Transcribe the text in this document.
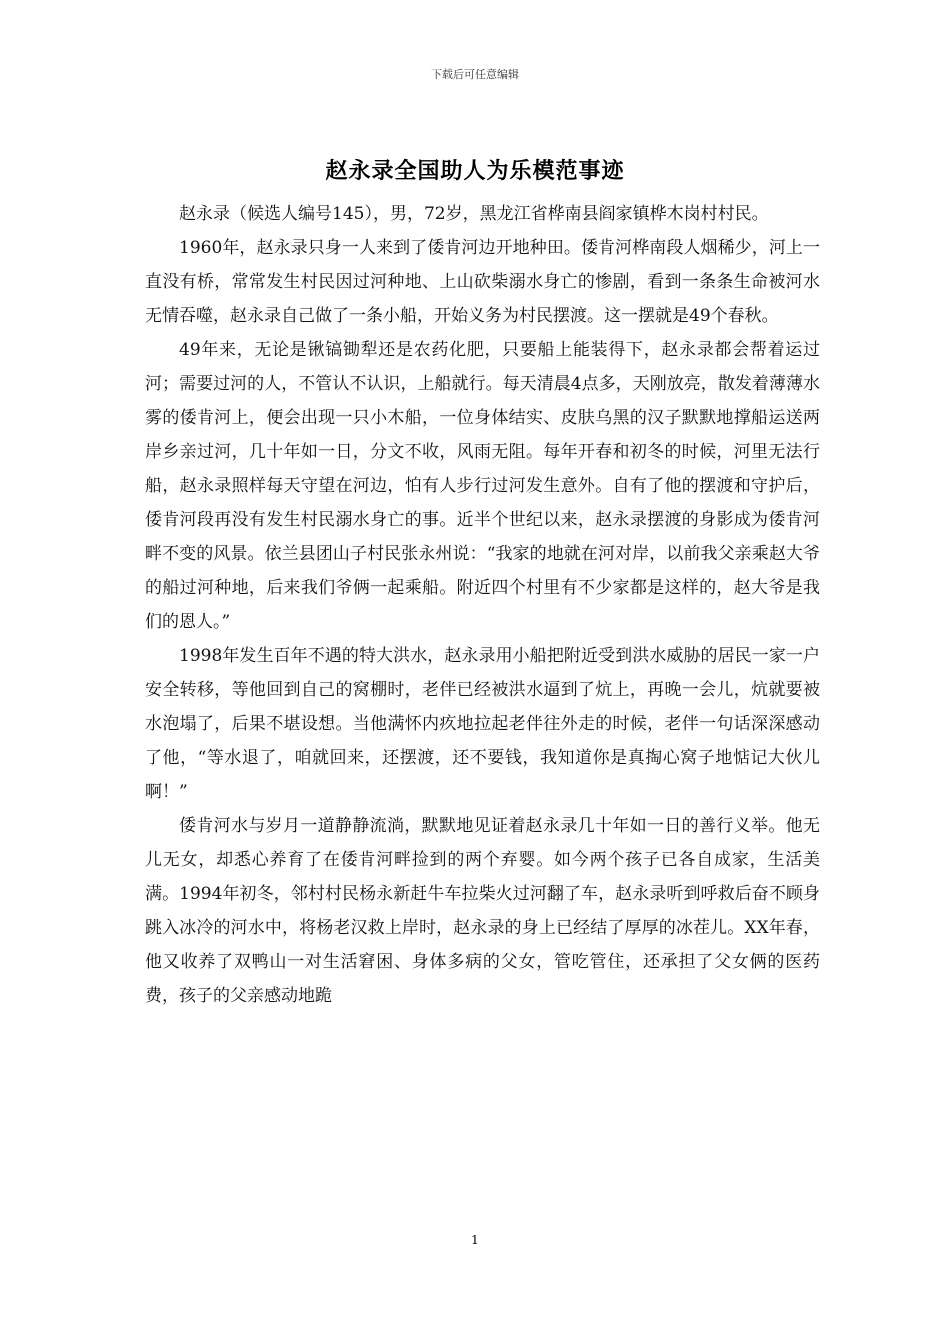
下载后可任意编辑
赵永录全国助人为乐模范事迹

赵永录（候选人编号145），男，72岁，黑龙江省桦南县阎家镇桦木岗村村民。

1960年，赵永录只身一人来到了倭肯河边开地种田。倭肯河桦南段人烟稀少，河上一直没有桥，常常发生村民因过河种地、上山砍柴溺水身亡的惨剧，看到一条条生命被河水无情吞噬，赵永录自己做了一条小船，开始义务为村民摆渡。这一摆就是49个春秋。

49年来，无论是锹镐锄犁还是农药化肥，只要船上能装得下，赵永录都会帮着运过河；需要过河的人，不管认不认识，上船就行。每天清晨4点多，天刚放亮，散发着薄薄水雾的倭肯河上，便会出现一只小木船，一位身体结实、皮肤乌黑的汉子默默地撑船运送两岸乡亲过河，几十年如一日，分文不收，风雨无阻。每年开春和初冬的时候，河里无法行船，赵永录照样每天守望在河边，怕有人步行过河发生意外。自有了他的摆渡和守护后，倭肯河段再没有发生村民溺水身亡的事。近半个世纪以来，赵永录摆渡的身影成为倭肯河畔不变的风景。依兰县团山子村民张永州说：“我家的地就在河对岸，以前我父亲乘赵大爷的船过河种地，后来我们爷俩一起乘船。附近四个村里有不少家都是这样的，赵大爷是我们的恩人。”

1998年发生百年不遇的特大洪水，赵永录用小船把附近受到洪水威胁的居民一家一户安全转移，等他回到自己的窝棚时，老伴已经被洪水逼到了炕上，再晚一会儿，炕就要被水泡塌了，后果不堪设想。当他满怀内疚地拉起老伴往外走的时候，老伴一句话深深感动了他，“等水退了，咱就回来，还摆渡，还不要钱，我知道你是真掏心窝子地惦记大伙儿啊！”

倭肯河水与岁月一道静静流淌，默默地见证着赵永录几十年如一日的善行义举。他无儿无女，却悉心养育了在倭肯河畔捡到的两个弃婴。如今两个孩子已各自成家，生活美满。1994年初冬，邻村村民杨永新赶牛车拉柴火过河翻了车，赵永录听到呼救后奋不顾身跳入冰冷的河水中，将杨老汉救上岸时，赵永录的身上已经结了厚厚的冰茬儿。XX年春，他又收养了双鸭山一对生活窘困、身体多病的父女，管吃管住，还承担了父女俩的医药费，孩子的父亲感动地跪

1
